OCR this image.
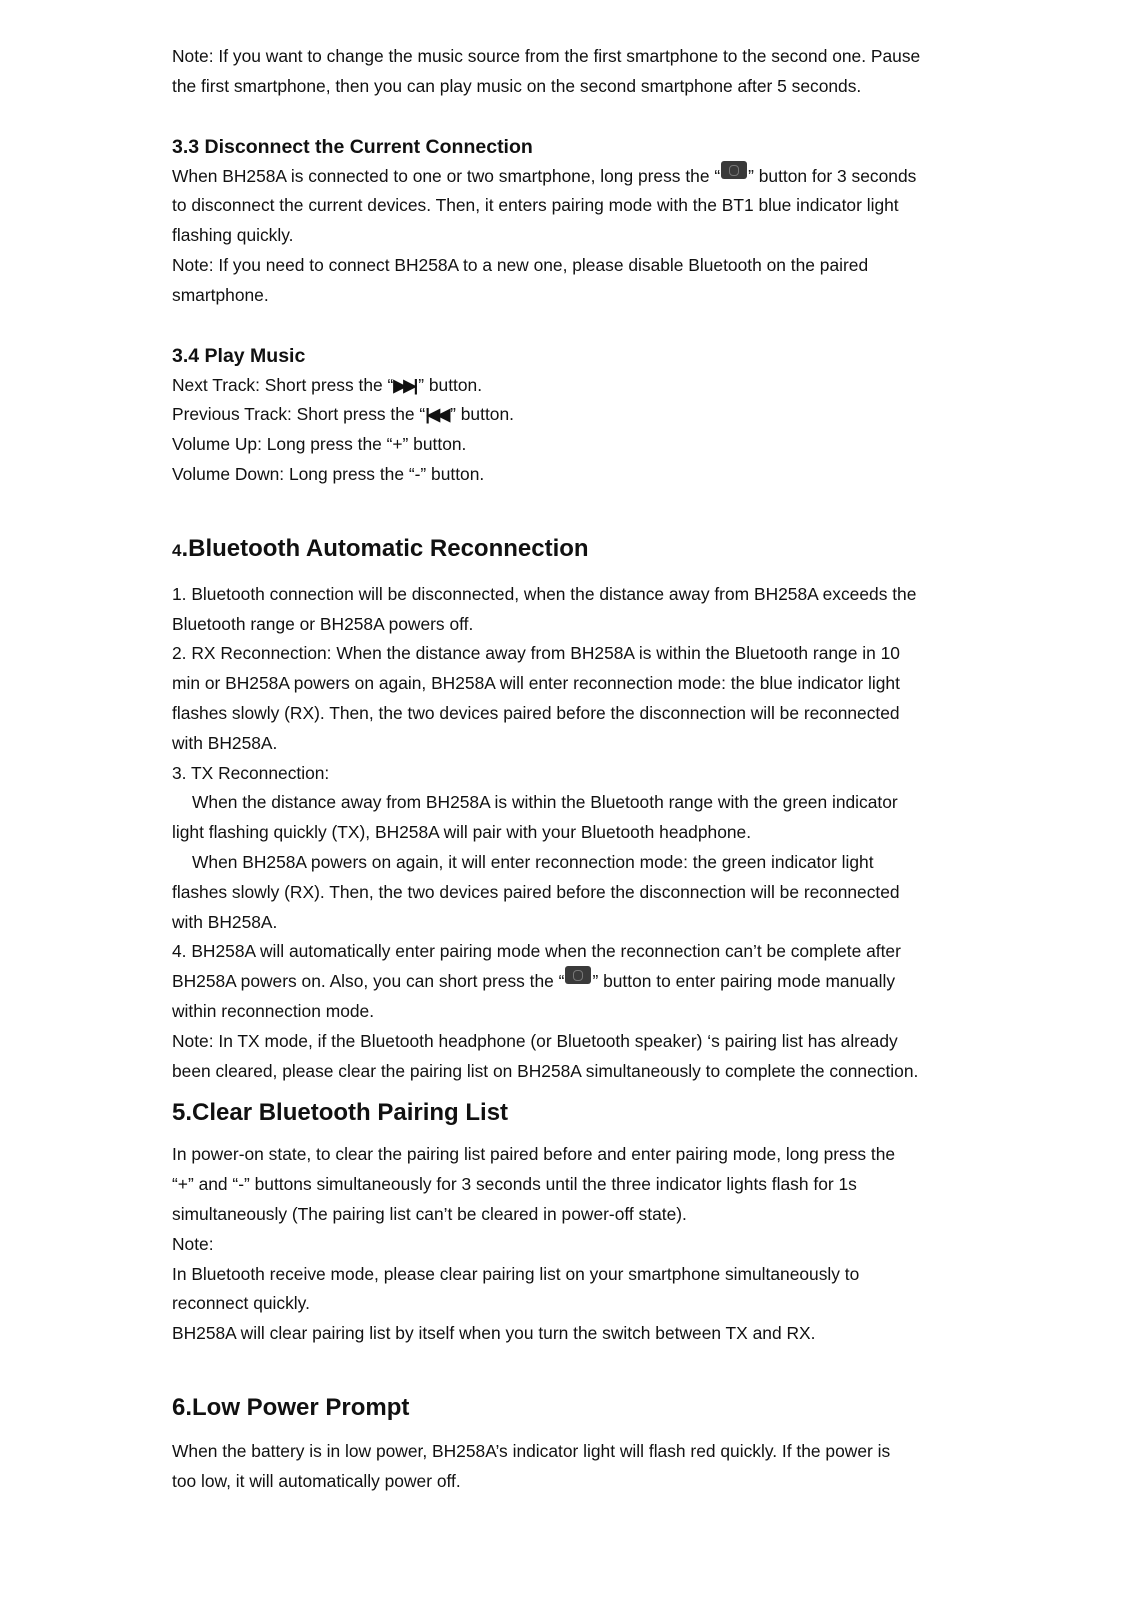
Note: If you want to change the music source from the first smartphone to the second one. Pause

the first smartphone, then you can play music on the second smartphone after 5 seconds.

3.3 Disconnect the Current Connection

When BH258A is connected to one or two smartphone, long press the “ ” button for 3 seconds

to disconnect the current devices. Then, it enters pairing mode with the BT1 blue indicator light

flashing quickly.

Note: If you need to connect BH258A to a new one, please disable Bluetooth on the paired

smartphone.

3.4 Play Music

Next Track: Short press the “▶▶| ” button.

Previous Track: Short press the “|◀◀ ” button.

Volume Up: Long press the “+” button.

Volume Down: Long press the “-” button.

4.Bluetooth Automatic Reconnection

1. Bluetooth connection will be disconnected, when the distance away from BH258A exceeds the

Bluetooth range or BH258A powers off.

2. RX Reconnection: When the distance away from BH258A is within the Bluetooth range in 10

min or BH258A powers on again, BH258A will enter reconnection mode: the blue indicator light

flashes slowly (RX). Then, the two devices paired before the disconnection will be reconnected

with BH258A.

3. TX Reconnection:

When the distance away from BH258A is within the Bluetooth range with the green indicator

light flashing quickly (TX), BH258A will pair with your Bluetooth headphone.

When BH258A powers on again, it will enter reconnection mode: the green indicator light

flashes slowly (RX). Then, the two devices paired before the disconnection will be reconnected

with BH258A.

4. BH258A will automatically enter pairing mode when the reconnection can’t be complete after

BH258A powers on. Also, you can short press the “ ” button to enter pairing mode manually

within reconnection mode.

Note: In TX mode, if the Bluetooth headphone (or Bluetooth speaker) ‘s pairing list has already

been cleared, please clear the pairing list on BH258A simultaneously to complete the connection.

5.Clear Bluetooth Pairing List

In power-on state, to clear the pairing list paired before and enter pairing mode, long press the

“+” and “-” buttons simultaneously for 3 seconds until the three indicator lights flash for 1s

simultaneously (The pairing list can’t be cleared in power-off state).

Note:

In Bluetooth receive mode, please clear pairing list on your smartphone simultaneously to

reconnect quickly.

BH258A will clear pairing list by itself when you turn the switch between TX and RX.

6.Low Power Prompt

When the battery is in low power, BH258A’s indicator light will flash red quickly. If the power is

too low, it will automatically power off.
